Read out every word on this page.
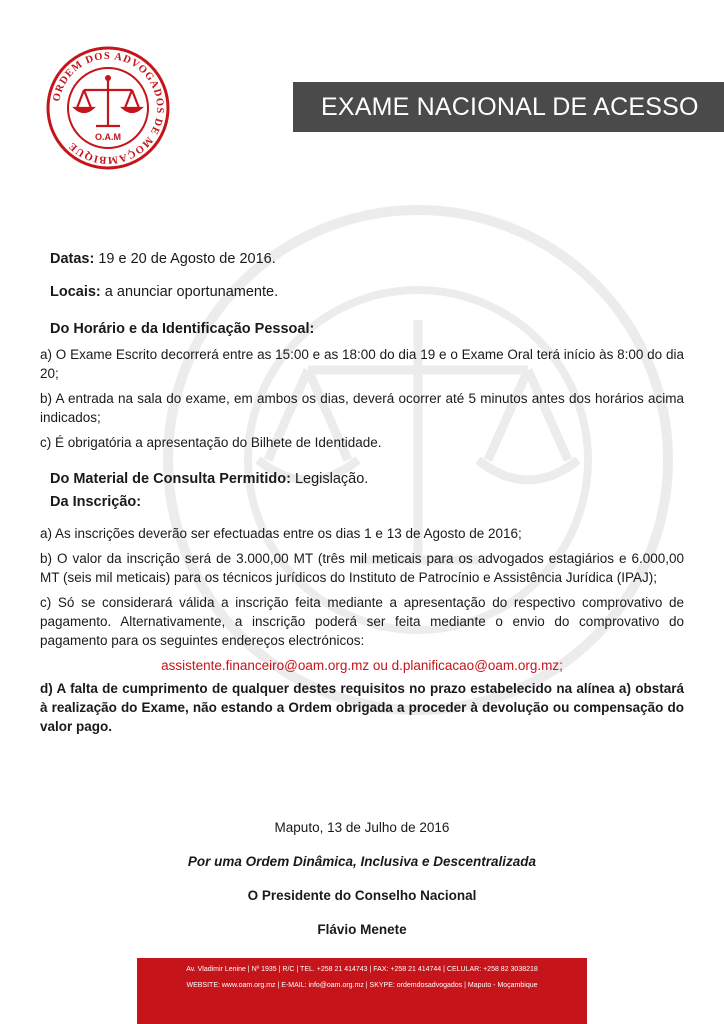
ORDEM DOS ADVOGADOS DE MOÇAMBIQUE
O.A.M
EXAME NACIONAL DE ACESSO
Datas: 19 e 20 de Agosto de 2016.
Locais: a anunciar oportunamente.
Do Horário e da Identificação Pessoal:

a) O Exame Escrito decorrerá entre as 15:00 e as 18:00 do dia 19 e o Exame Oral terá início às 8:00 do dia 20;

b) A entrada na sala do exame, em ambos os dias, deverá ocorrer até 5 minutos antes dos horários acima indicados;

c) É obrigatória a apresentação do Bilhete de Identidade.

Do Material de Consulta Permitido: Legislação.
Da Inscrição:

a) As inscrições deverão ser efectuadas entre os dias 1 e 13 de Agosto de 2016;

b) O valor da inscrição será de 3.000,00 MT (três mil meticais para os advogados estagiários e 6.000,00 MT (seis mil meticais) para os técnicos jurídicos do Instituto de Patrocínio e Assistência Jurídica (IPAJ);

c) Só se considerará válida a inscrição feita mediante a apresentação do respectivo comprovativo de pagamento. Alternativamente, a inscrição poderá ser feita mediante o envio do comprovativo do pagamento para os seguintes endereços electrónicos:

assistente.financeiro@oam.org.mz ou d.planificacao@oam.org.mz;

d) A falta de cumprimento de qualquer destes requisitos no prazo estabelecido na alínea a) obstará à realização do Exame, não estando a Ordem obrigada a proceder à devolução ou compensação do valor pago.

Maputo, 13 de Julho de 2016
Por uma Ordem Dinâmica, Inclusiva e Descentralizada
O Presidente do Conselho Nacional
Flávio Menete
Av. Vladimir Lenine | Nº 1935 | R/C | TEL. +258 21 414743 | FAX: +258 21 414744 | CELULAR: +258 82 3038218
WEBSITE: www.oam.org.mz | E-MAIL: info@oam.org.mz | SKYPE: ordemdosadvogados | Maputo - Moçambique
